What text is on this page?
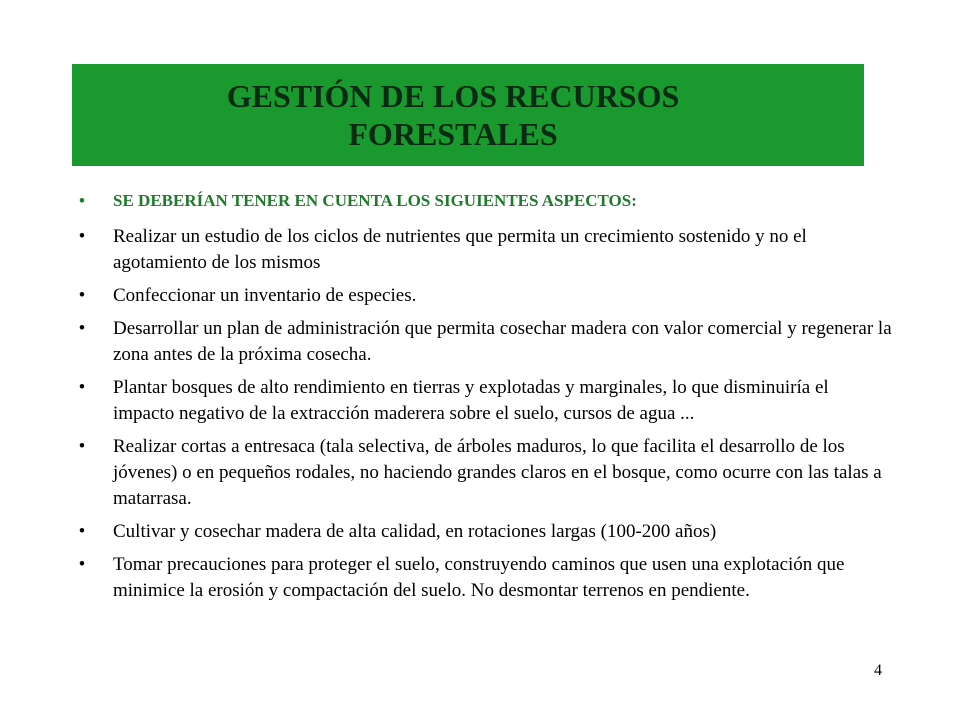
GESTIÓN DE LOS RECURSOS
FORESTALES
•	SE DEBERÍAN TENER EN CUENTA LOS SIGUIENTES ASPECTOS:
•	Realizar un estudio de los ciclos de nutrientes que permita un crecimiento sostenido y no el agotamiento de los mismos
•	Confeccionar un inventario de especies.
•	Desarrollar un plan de administración que permita cosechar madera con valor comercial y regenerar la zona antes de la próxima cosecha.
•	Plantar bosques de alto rendimiento en tierras y explotadas y marginales, lo que disminuiría el impacto negativo de la extracción maderera sobre el suelo, cursos de agua ...
•	Realizar cortas a entresaca (tala selectiva, de árboles maduros, lo que facilita el desarrollo de los jóvenes) o en pequeños rodales, no haciendo grandes claros en el bosque, como ocurre con las talas a matarrasa.
•	Cultivar y cosechar madera de alta calidad, en rotaciones largas (100-200 años)
•	Tomar precauciones para proteger el suelo, construyendo caminos que usen una explotación que minimice la erosión y compactación del suelo. No desmontar terrenos en pendiente.
4
